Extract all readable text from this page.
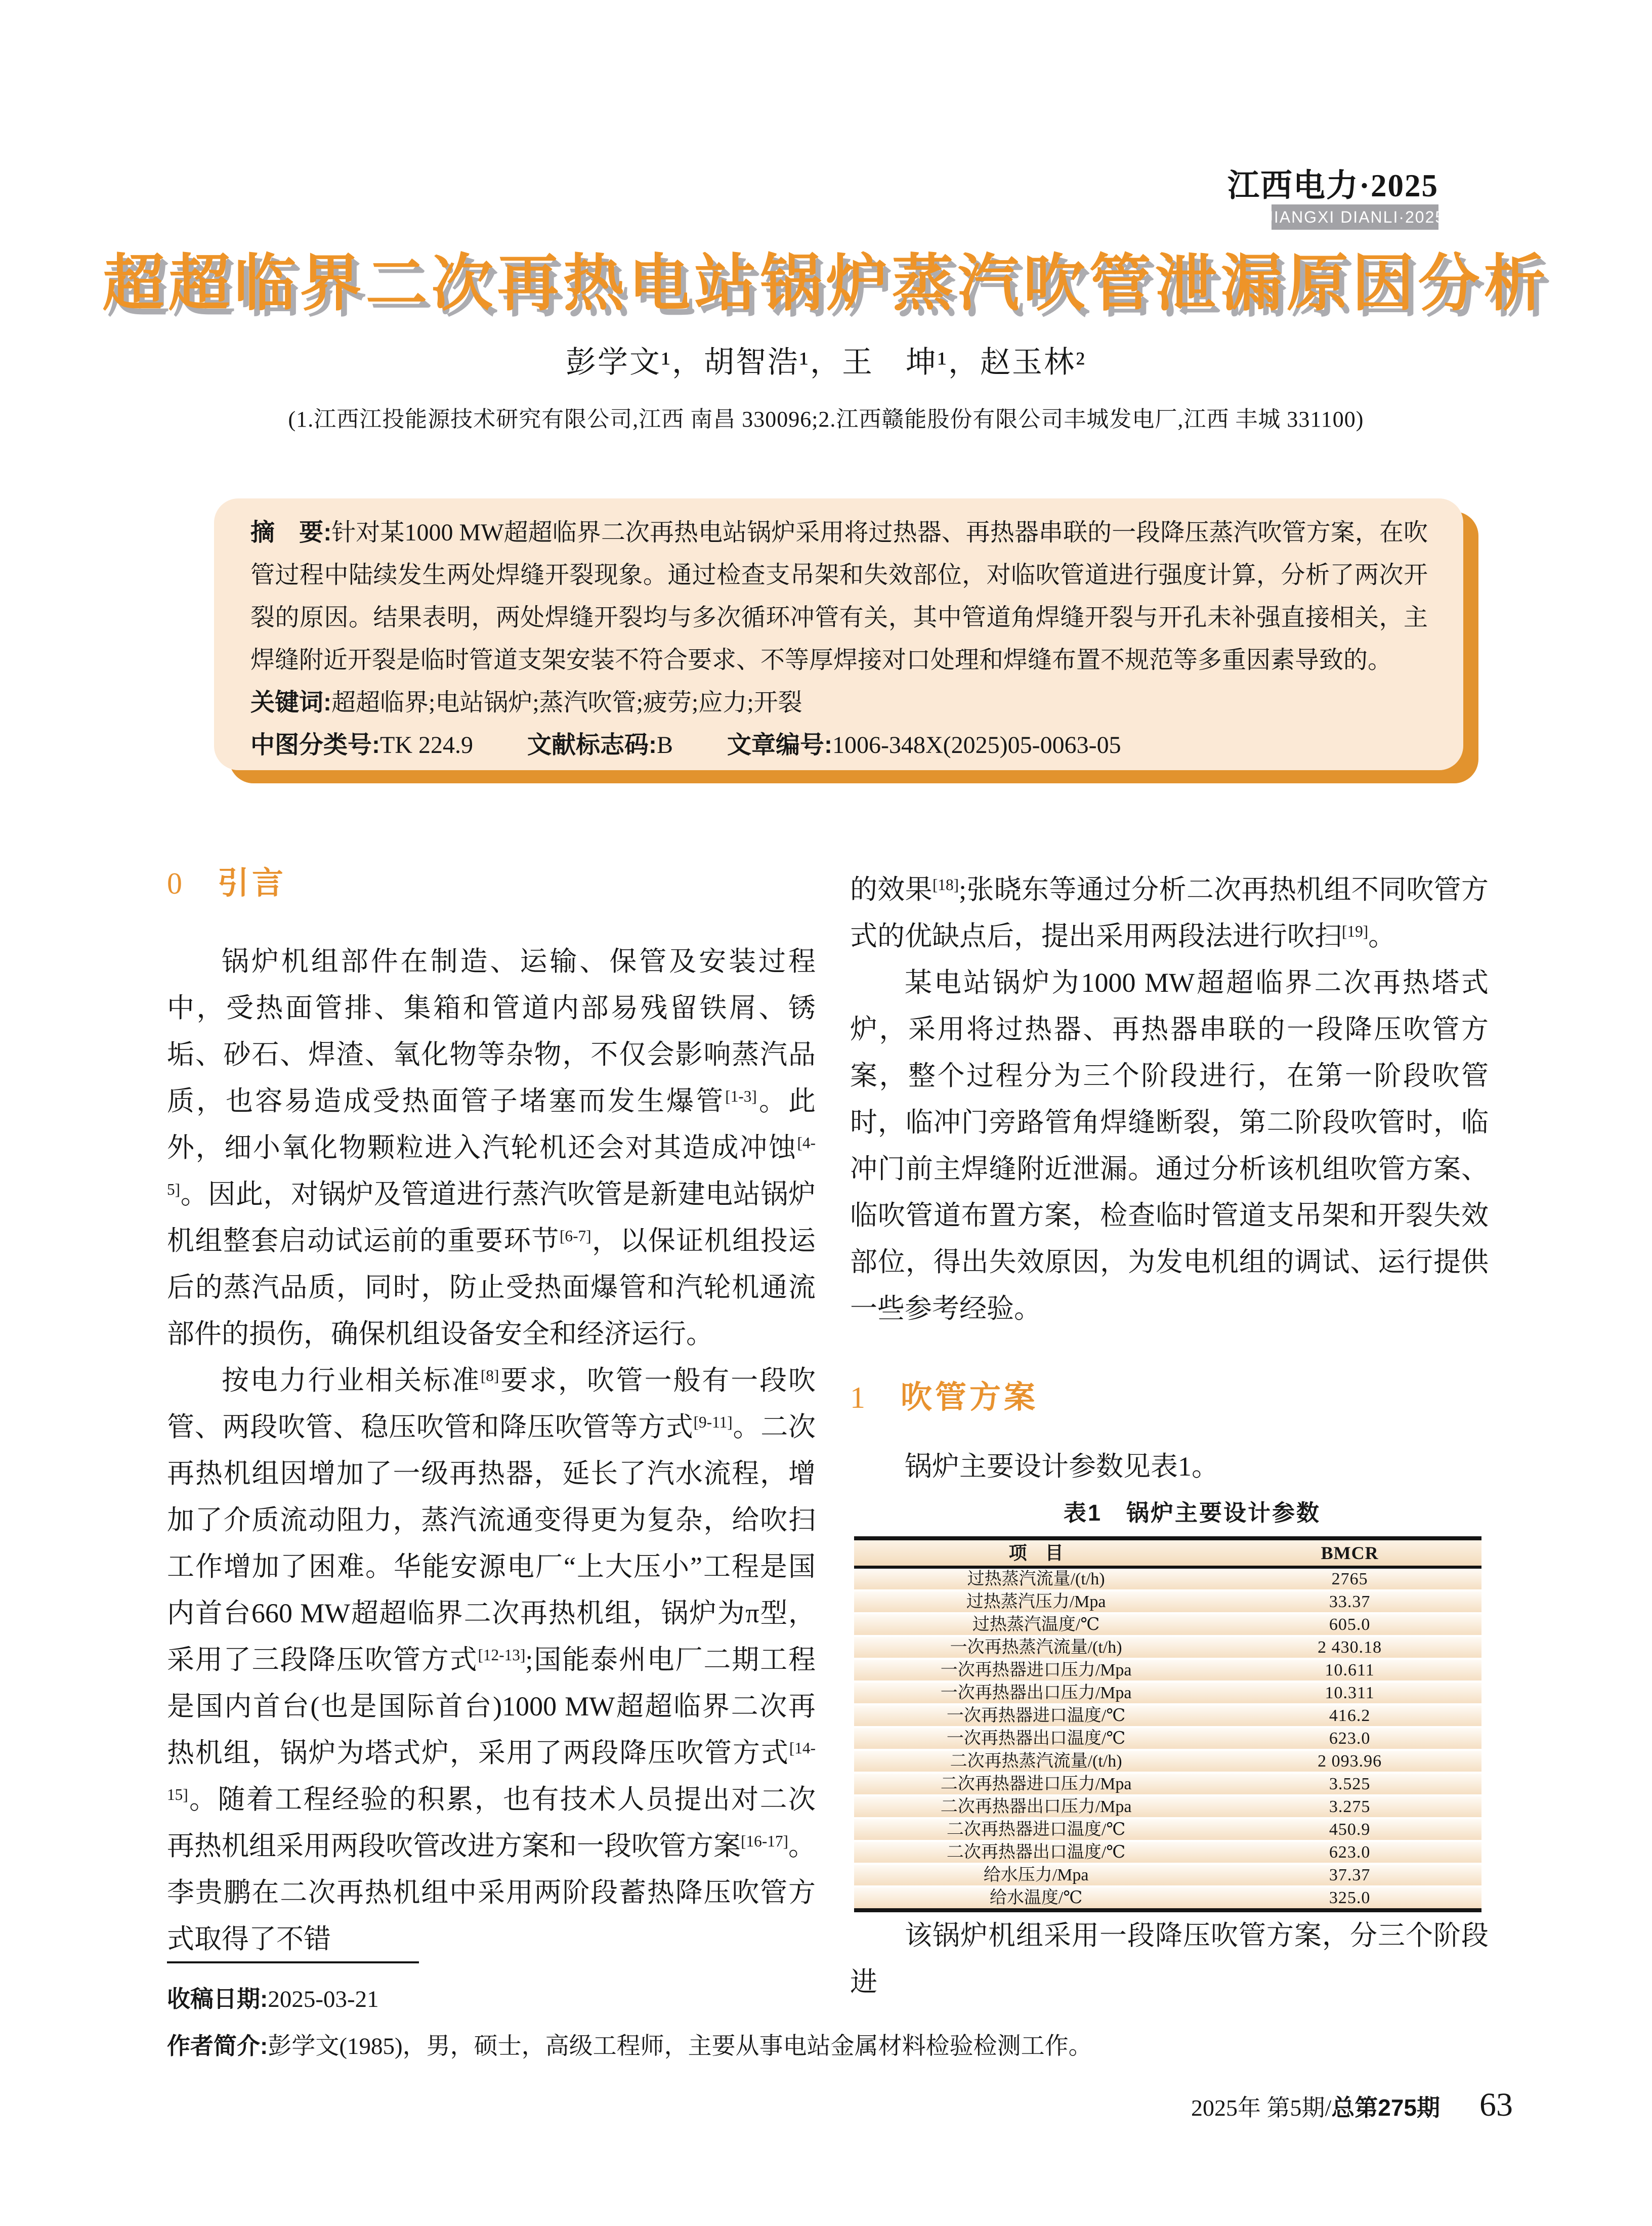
江西电力·2025
JIANGXI DIANLI·2025
超超临界二次再热电站锅炉蒸汽吹管泄漏原因分析
彭学文¹，胡智浩¹，王　坤¹，赵玉林²
(1.江西江投能源技术研究有限公司,江西 南昌 330096;2.江西赣能股份有限公司丰城发电厂,江西 丰城 331100)
摘　要:针对某1000 MW超超临界二次再热电站锅炉采用将过热器、再热器串联的一段降压蒸汽吹管方案，在吹管过程中陆续发生两处焊缝开裂现象。通过检查支吊架和失效部位，对临吹管道进行强度计算，分析了两次开裂的原因。结果表明，两处焊缝开裂均与多次循环冲管有关，其中管道角焊缝开裂与开孔未补强直接相关，主焊缝附近开裂是临时管道支架安装不符合要求、不等厚焊接对口处理和焊缝布置不规范等多重因素导致的。
关键词:超超临界;电站锅炉;蒸汽吹管;疲劳;应力;开裂
中图分类号:TK 224.9 文献标志码:B 文章编号:1006-348X(2025)05-0063-05
0 引言

锅炉机组部件在制造、运输、保管及安装过程中，受热面管排、集箱和管道内部易残留铁屑、锈垢、砂石、焊渣、氧化物等杂物，不仅会影响蒸汽品质，也容易造成受热面管子堵塞而发生爆管[1-3]。此外，细小氧化物颗粒进入汽轮机还会对其造成冲蚀[4-5]。因此，对锅炉及管道进行蒸汽吹管是新建电站锅炉机组整套启动试运前的重要环节[6-7]，以保证机组投运后的蒸汽品质，同时，防止受热面爆管和汽轮机通流部件的损伤，确保机组设备安全和经济运行。

按电力行业相关标准[8]要求，吹管一般有一段吹管、两段吹管、稳压吹管和降压吹管等方式[9-11]。二次再热机组因增加了一级再热器，延长了汽水流程，增加了介质流动阻力，蒸汽流通变得更为复杂，给吹扫工作增加了困难。华能安源电厂“上大压小”工程是国内首台660 MW超超临界二次再热机组，锅炉为π型，采用了三段降压吹管方式[12-13];国能泰州电厂二期工程是国内首台(也是国际首台)1000 MW超超临界二次再热机组，锅炉为塔式炉，采用了两段降压吹管方式[14-15]。随着工程经验的积累，也有技术人员提出对二次再热机组采用两段吹管改进方案和一段吹管方案[16-17]。李贵鹏在二次再热机组中采用两阶段蓄热降压吹管方式取得了不错

的效果[18];张晓东等通过分析二次再热机组不同吹管方式的优缺点后，提出采用两段法进行吹扫[19]。

某电站锅炉为1000 MW超超临界二次再热塔式炉，采用将过热器、再热器串联的一段降压吹管方案，整个过程分为三个阶段进行，在第一阶段吹管时，临冲门旁路管角焊缝断裂，第二阶段吹管时，临冲门前主焊缝附近泄漏。通过分析该机组吹管方案、临吹管道布置方案，检查临时管道支吊架和开裂失效部位，得出失效原因，为发电机组的调试、运行提供一些参考经验。

1 吹管方案

锅炉主要设计参数见表1。

表1　锅炉主要设计参数

项　目	BMCR
过热蒸汽流量/(t/h)	2765
过热蒸汽压力/Mpa	33.37
过热蒸汽温度/℃	605.0
一次再热蒸汽流量/(t/h)	2 430.18
一次再热器进口压力/Mpa	10.611
一次再热器出口压力/Mpa	10.311
一次再热器进口温度/℃	416.2
一次再热器出口温度/℃	623.0
二次再热蒸汽流量/(t/h)	2 093.96
二次再热器进口压力/Mpa	3.525
二次再热器出口压力/Mpa	3.275
二次再热器进口温度/℃	450.9
二次再热器出口温度/℃	623.0
给水压力/Mpa	37.37
给水温度/℃	325.0

该锅炉机组采用一段降压吹管方案，分三个阶段进

收稿日期:2025-03-21

作者简介:彭学文(1985)，男，硕士，高级工程师，主要从事电站金属材料检验检测工作。

2025年 第5期/ 总第275期 63
